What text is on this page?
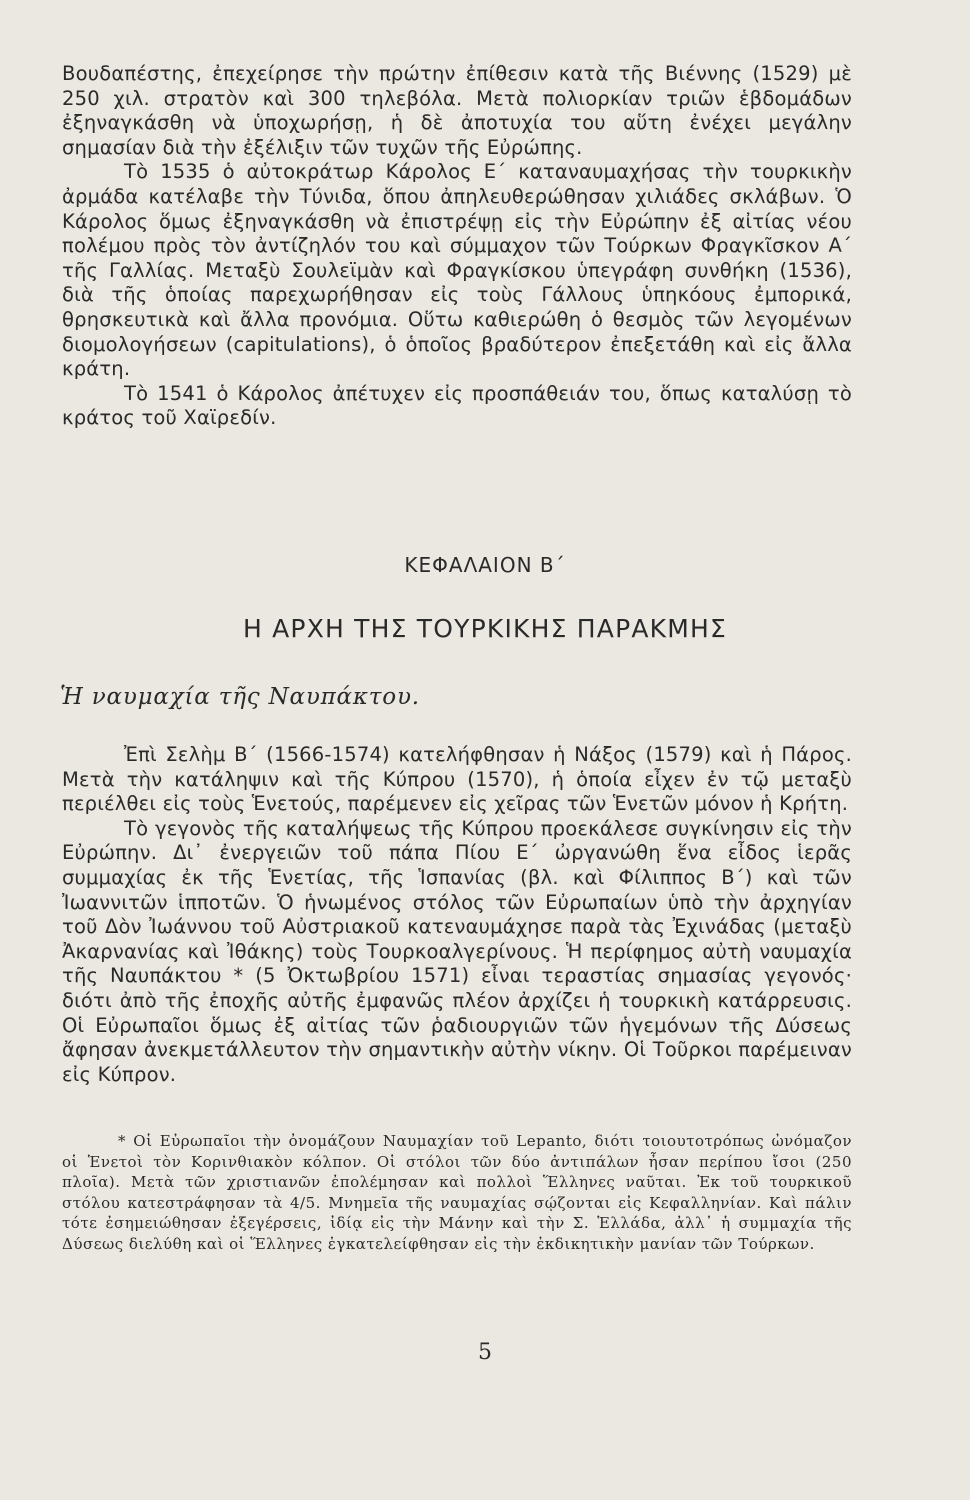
Βουδαπέστης, ἐπεχείρησε τὴν πρώτην ἐπίθεσιν κατὰ τῆς Βιέννης (1529) μὲ 250 χιλ. στρατὸν καὶ 300 τηλεβόλα. Μετὰ πολιορκίαν τριῶν ἑβδομάδων ἐξηναγκάσθη νὰ ὑποχωρήσῃ, ἡ δὲ ἀποτυχία του αὕτη ἐνέχει μεγάλην σημασίαν διὰ τὴν ἐξέλιξιν τῶν τυχῶν τῆς Εὐρώπης.

Τὸ 1535 ὁ αὐτοκράτωρ Κάρολος Ε΄ καταναυμαχήσας τὴν τουρκικὴν ἀρμάδα κατέλαβε τὴν Τύνιδα, ὅπου ἀπηλευθερώθησαν χιλιάδες σκλάβων. Ὁ Κάρολος ὅμως ἐξηναγκάσθη νὰ ἐπιστρέψῃ εἰς τὴν Εὐρώπην ἐξ αἰτίας νέου πολέμου πρὸς τὸν ἀντίζηλόν του καὶ σύμμαχον τῶν Τούρκων Φραγκῖσκον Α΄ τῆς Γαλλίας. Μεταξὺ Σουλεϊμὰν καὶ Φραγκίσκου ὑπεγράφη συνθήκη (1536), διὰ τῆς ὁποίας παρεχωρήθησαν εἰς τοὺς Γάλλους ὑπηκόους ἐμπορικά, θρησκευτικὰ καὶ ἄλλα προνόμια. Οὕτω καθιερώθη ὁ θεσμὸς τῶν λεγομένων διομολογήσεων (capitulations), ὁ ὁποῖος βραδύτερον ἐπεξετάθη καὶ εἰς ἄλλα κράτη.

Τὸ 1541 ὁ Κάρολος ἀπέτυχεν εἰς προσπάθειάν του, ὅπως καταλύσῃ τὸ κράτος τοῦ Χαϊρεδίν.

ΚΕΦΑΛΑΙΟΝ Β΄
Η ΑΡΧΗ ΤΗΣ ΤΟΥΡΚΙΚΗΣ ΠΑΡΑΚΜΗΣ
Ἡ ναυμαχία τῆς Ναυπάκτου.

Ἐπὶ Σελὴμ Β΄ (1566-1574) κατελήφθησαν ἡ Νάξος (1579) καὶ ἡ Πάρος. Μετὰ τὴν κατάληψιν καὶ τῆς Κύπρου (1570), ἡ ὁποία εἶχεν ἐν τῷ μεταξὺ περιέλθει εἰς τοὺς Ἑνετούς, παρέμενεν εἰς χεῖρας τῶν Ἑνετῶν μόνον ἡ Κρήτη.

Τὸ γεγονὸς τῆς καταλήψεως τῆς Κύπρου προεκάλεσε συγκίνησιν εἰς τὴν Εὐρώπην. Δι᾽ ἐνεργειῶν τοῦ πάπα Πίου Ε΄ ὠργανώθη ἕνα εἶδος ἱερᾶς συμμαχίας ἐκ τῆς Ἑνετίας, τῆς Ἱσπανίας (βλ. καὶ Φίλιππος Β΄) καὶ τῶν Ἰωαννιτῶν ἱπποτῶν. Ὁ ἡνωμένος στόλος τῶν Εὐρωπαίων ὑπὸ τὴν ἀρχηγίαν τοῦ Δὸν Ἰωάννου τοῦ Αὐστριακοῦ κατεναυμάχησε παρὰ τὰς Ἐχινάδας (μεταξὺ Ἀκαρνανίας καὶ Ἰθάκης) τοὺς Τουρκοαλγερίνους. Ἡ περίφημος αὐτὴ ναυμαχία τῆς Ναυπάκτου * (5 Ὀκτωβρίου 1571) εἶναι τεραστίας σημασίας γεγονός· διότι ἀπὸ τῆς ἐποχῆς αὐτῆς ἐμφανῶς πλέον ἀρχίζει ἡ τουρκικὴ κατάρρευσις. Οἱ Εὐρωπαῖοι ὅμως ἐξ αἰτίας τῶν ῥαδιουργιῶν τῶν ἡγεμόνων τῆς Δύσεως ἄφησαν ἀνεκμετάλλευτον τὴν σημαντικὴν αὐτὴν νίκην. Οἱ Τοῦρκοι παρέμειναν εἰς Κύπρον.

* Οἱ Εὐρωπαῖοι τὴν ὀνομάζουν Ναυμαχίαν τοῦ Lepanto, διότι τοιουτοτρόπως ὠνόμαζον οἱ Ἑνετοὶ τὸν Κορινθιακὸν κόλπον. Οἱ στόλοι τῶν δύο ἀντιπάλων ἦσαν περίπου ἴσοι (250 πλοῖα). Μετὰ τῶν χριστιανῶν ἐπολέμησαν καὶ πολλοὶ Ἕλληνες ναῦται. Ἐκ τοῦ τουρκικοῦ στόλου κατεστράφησαν τὰ 4/5. Μνημεῖα τῆς ναυμαχίας σῴζονται εἰς Κεφαλληνίαν. Καὶ πάλιν τότε ἐσημειώθησαν ἐξεγέρσεις, ἰδίᾳ εἰς τὴν Μάνην καὶ τὴν Σ. Ἑλλάδα, ἀλλ᾽ ἡ συμμαχία τῆς Δύσεως διελύθη καὶ οἱ Ἕλληνες ἐγκατελείφθησαν εἰς τὴν ἐκδικητικὴν μανίαν τῶν Τούρκων.

5
